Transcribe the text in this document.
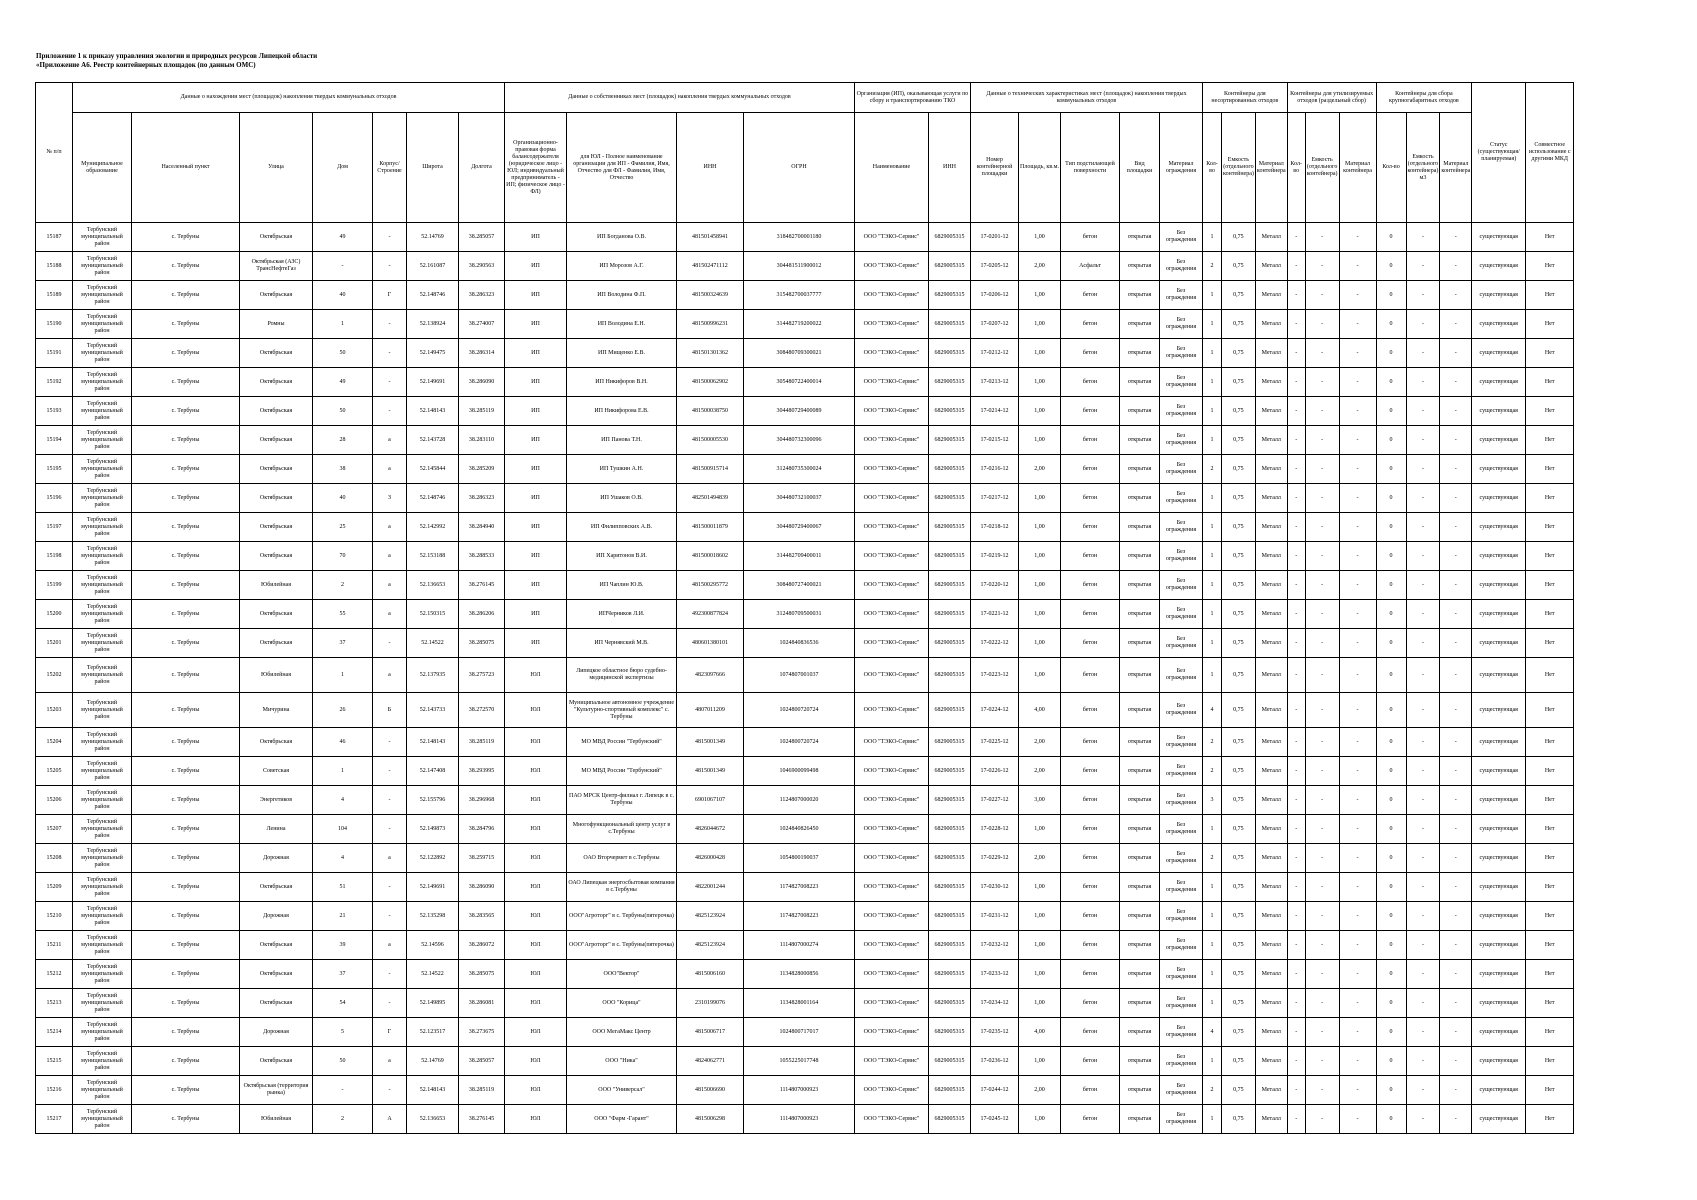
Приложение 1 к приказу управления экологии и природных ресурсов Липецкой области
«Приложение А6. Реестр контейнерных площадок (по данным ОМС)
№ п/п	Данные о нахождении мест (площадок) накопления твердых коммунальных отходов							Данные о собственниках мест (площадок) накопления твердых коммунальных отходов				Организация (ИП), оказывающая услуги по сбору и транспортированию ТКО		Данные о технических характеристиках мест (площадок) накопления твердых коммунальных отходов					Контейнеры для несортированных отходов			Контейнеры для утилизируемых отходов (раздельный сбор)			Контейнеры для сбора крупногабаритных отходов			Статус (существующая/ планируемая)	Совместное использование с другими МКД
	Муниципальное образование	Населенный пункт	Улица	Дом	Корпус/Строение	Широта	Долгота	Организационно-правовая форма балансодержателя (юридическое лицо - ЮЛ; индивидуальный предприниматель - ИП; физическое лицо - ФЛ)	для ЮЛ - Полное наименование организации для ИП - Фамилия, Имя, Отчество для ФЛ - Фамилия, Имя, Отчество	ИНН	ОГРН	Наименование	ИНН	Номер контейнерной площадки	Площадь, кв.м.	Тип подстилающей поверхности	Вид площадки	Материал ограждения	Кол-во	Емкость (отдельного контейнера)	Материал контейнера	Кол-во	Емкость (отдельного контейнера)	Материал контейнера	Кол-во	Емкость (отдельного контейнера) м3	Материал контейнера		
15187	Тербунский муниципальный район	с. Тербуны	Октябрьская	49	-	52.14769	38.285057	ИП	ИП Богданова О.В.	481501458941	318482700001180	ООО "ТЭКО-Сервис"	6829005315	17-0201-12	1,00	бетон	открытая	Без ограждения	1	0,75	Металл	-	-	-	0	-	-	существующая	Нет
15188	Тербунский муниципальный район	с. Тербуны	Октябрьская (АЗС) ТрансНефтеГаз	-	-	52.161087	38.290563	ИП	ИП Морозов А.Г.	481502471112	304481511900012	ООО "ТЭКО-Сервис"	6829005315	17-0205-12	2,00	Асфальт	открытая	Без ограждения	2	0,75	Металл	-	-	-	0	-	-	существующая	Нет
15189	Тербунский муниципальный район	с. Тербуны	Октябрьская	40	Г	52.148746	38.286323	ИП	ИП Володина Ф.П.	481500324639	315482700037777	ООО "ТЭКО-Сервис"	6829005315	17-0206-12	1,00	бетон	открытая	Без ограждения	1	0,75	Металл	-	-	-	0	-	-	существующая	Нет
15190	Тербунский муниципальный район	с. Тербуны	Ромны	1	-	52.138924	38.274007	ИП	ИП Володина Е.Н.	481500996231	314482719200022	ООО "ТЭКО-Сервис"	6829005315	17-0207-12	1,00	бетон	открытая	Без ограждения	1	0,75	Металл	-	-	-	0	-	-	существующая	Нет
15191	Тербунский муниципальный район	с. Тербуны	Октябрьская	50	-	52.149475	38.286314	ИП	ИП Мищенко Е.В.	481501301362	308480709300021	ООО "ТЭКО-Сервис"	6829005315	17-0212-12	1,00	бетон	открытая	Без ограждения	1	0,75	Металл	-	-	-	0	-	-	существующая	Нет
15192	Тербунский муниципальный район	с. Тербуны	Октябрьская	49	-	52.149691	38.286090	ИП	ИП Никифоров В.Н.	481500062902	305480722400014	ООО "ТЭКО-Сервис"	6829005315	17-0213-12	1,00	бетон	открытая	Без ограждения	1	0,75	Металл	-	-	-	0	-	-	существующая	Нет
15193	Тербунский муниципальный район	с. Тербуны	Октябрьская	50	-	52.148143	38.285119	ИП	ИП Никифорова Е.В.	481500038750	304480729400089	ООО "ТЭКО-Сервис"	6829005315	17-0214-12	1,00	бетон	открытая	Без ограждения	1	0,75	Металл	-	-	-	0	-	-	существующая	Нет
15194	Тербунский муниципальный район	с. Тербуны	Октябрьская	28	а	52.143728	38.283110	ИП	ИП Панова Т.Н.	481500005530	304480732300096	ООО "ТЭКО-Сервис"	6829005315	17-0215-12	1,00	бетон	открытая	Без ограждения	1	0,75	Металл	-	-	-	0	-	-	существующая	Нет
15195	Тербунский муниципальный район	с. Тербуны	Октябрьская	38	а	52.145844	38.285209	ИП	ИП Тушкин А.Н.	481500915714	312480735300024	ООО "ТЭКО-Сервис"	6829005315	17-0216-12	2,00	бетон	открытая	Без ограждения	2	0,75	Металл	-	-	-	0	-	-	существующая	Нет
15196	Тербунский муниципальный район	с. Тербуны	Октябрьская	40	З	52.148746	38.286323	ИП	ИП Ушаков О.В.	482501494839	304480732100037	ООО "ТЭКО-Сервис"	6829005315	17-0217-12	1,00	бетон	открытая	Без ограждения	1	0,75	Металл	-	-	-	0	-	-	существующая	Нет
15197	Тербунский муниципальный район	с. Тербуны	Октябрьская	25	а	52.142992	38.284940	ИП	ИП Филипповских А.В.	481500011879	304480729400067	ООО "ТЭКО-Сервис"	6829005315	17-0218-12	1,00	бетон	открытая	Без ограждения	1	0,75	Металл	-	-	-	0	-	-	существующая	Нет
15198	Тербунский муниципальный район	с. Тербуны	Октябрьская	70	а	52.153188	38.288533	ИП	ИП Харитонов В.И.	481500018602	314482709400011	ООО "ТЭКО-Сервис"	6829005315	17-0219-12	1,00	бетон	открытая	Без ограждения	1	0,75	Металл	-	-	-	0	-	-	существующая	Нет
15199	Тербунский муниципальный район	с. Тербуны	Юбилейная	2	а	52.136653	38.276145	ИП	ИП Чаплин Ю.В.	481500295772	308480727400021	ООО "ТЭКО-Сервис"	6829005315	17-0220-12	1,00	бетон	открытая	Без ограждения	1	0,75	Металл	-	-	-	0	-	-	существующая	Нет
15200	Тербунский муниципальный район	с. Тербуны	Октябрьская	55	а	52.150315	38.286206	ИП	ИПЧерников Л.И.	492300877824	312480709500031	ООО "ТЭКО-Сервис"	6829005315	17-0221-12	1,00	бетон	открытая	Без ограждения	1	0,75	Металл	-	-	-	0	-	-	существующая	Нет
15201	Тербунский муниципальный район	с. Тербуны	Октябрьская	37	-	52.14522	38.285075	ИП	ИП Чернявский М.В.	480601380101	1024840836536	ООО "ТЭКО-Сервис"	6829005315	17-0222-12	1,00	бетон	открытая	Без ограждения	1	0,75	Металл	-	-	-	0	-	-	существующая	Нет
15202	Тербунский муниципальный район	с. Тербуны	Юбилейная	1	а	52.137935	38.275723	ЮЛ	Липецкое областное бюро судебно-медицинской экспертизы	4823097666	1074807001037	ООО "ТЭКО-Сервис"	6829005315	17-0223-12	1,00	бетон	открытая	Без ограждения	1	0,75	Металл	-	-	-	0	-	-	существующая	Нет
15203	Тербунский муниципальный район	с. Тербуны	Мичурина	26	Б	52.143733	38.272570	ЮЛ	Муниципальное автономное учреждение "Культурно-спортивный комплекс" с. Тербуны	4807011209	1024800720724	ООО "ТЭКО-Сервис"	6829005315	17-0224-12	4,00	бетон	открытая	Без ограждения	4	0,75	Металл	-	-	-	0	-	-	существующая	Нет
15204	Тербунский муниципальный район	с. Тербуны	Октябрьская	46	-	52.148143	38.285119	ЮЛ	МО МВД России "Тербунский"	4815001349	1024800720724	ООО "ТЭКО-Сервис"	6829005315	17-0225-12	2,00	бетон	открытая	Без ограждения	2	0,75	Металл	-	-	-	0	-	-	существующая	Нет
15205	Тербунский муниципальный район	с. Тербуны	Советская	1	-	52.147408	38.293995	ЮЛ	МО МВД России "Тербунский"	4815001349	1046900099498	ООО "ТЭКО-Сервис"	6829005315	17-0226-12	2,00	бетон	открытая	Без ограждения	2	0,75	Металл	-	-	-	0	-	-	существующая	Нет
15206	Тербунский муниципальный район	с. Тербуны	Энергетиков	4	-	52.155796	38.296968	ЮЛ	ПАО МРСК Центр-филиал г. Липецк в с. Тербуны	6901067107	1124807000020	ООО "ТЭКО-Сервис"	6829005315	17-0227-12	3,00	бетон	открытая	Без ограждения	3	0,75	Металл	-	-	-	0	-	-	существующая	Нет
15207	Тербунский муниципальный район	с. Тербуны	Ленина	104	-	52.149873	38.284796	ЮЛ	Многофункциональный центр услуг в с.Тербуны	4826044672	1024840826450	ООО "ТЭКО-Сервис"	6829005315	17-0228-12	1,00	бетон	открытая	Без ограждения	1	0,75	Металл	-	-	-	0	-	-	существующая	Нет
15208	Тербунский муниципальный район	с. Тербуны	Дорожная	4	а	52.122892	38.259715	ЮЛ	ОАО Вторчермет в с.Тербуны	4826000428	1054800190037	ООО "ТЭКО-Сервис"	6829005315	17-0229-12	2,00	бетон	открытая	Без ограждения	2	0,75	Металл	-	-	-	0	-	-	существующая	Нет
15209	Тербунский муниципальный район	с. Тербуны	Октябрьская	51	-	52.149691	38.286090	ЮЛ	ОАО Липецкая энергосбытовая компания в с.Тербуны	4822001244	1174827008223	ООО "ТЭКО-Сервис"	6829005315	17-0230-12	1,00	бетон	открытая	Без ограждения	1	0,75	Металл	-	-	-	0	-	-	существующая	Нет
15210	Тербунский муниципальный район	с. Тербуны	Дорожная	21	-	52.135298	38.283565	ЮЛ	ООО"Агроторг" в с. Тербуны(пятерочка)	4825123924	1174827008223	ООО "ТЭКО-Сервис"	6829005315	17-0231-12	1,00	бетон	открытая	Без ограждения	1	0,75	Металл	-	-	-	0	-	-	существующая	Нет
15211	Тербунский муниципальный район	с. Тербуны	Октябрьская	39	а	52.14596	38.286072	ЮЛ	ООО"Агроторг" в с. Тербуны(пятерочка)	4825123924	1114807000274	ООО "ТЭКО-Сервис"	6829005315	17-0232-12	1,00	бетон	открытая	Без ограждения	1	0,75	Металл	-	-	-	0	-	-	существующая	Нет
15212	Тербунский муниципальный район	с. Тербуны	Октябрьская	37	-	52.14522	38.285075	ЮЛ	ООО"Вектор"	4815006160	1134828000856	ООО "ТЭКО-Сервис"	6829005315	17-0233-12	1,00	бетон	открытая	Без ограждения	1	0,75	Металл	-	-	-	0	-	-	существующая	Нет
15213	Тербунский муниципальный район	с. Тербуны	Октябрьская	54	-	52.149895	38.286081	ЮЛ	ООО "Корица"	2310199076	1134828001164	ООО "ТЭКО-Сервис"	6829005315	17-0234-12	1,00	бетон	открытая	Без ограждения	1	0,75	Металл	-	-	-	0	-	-	существующая	Нет
15214	Тербунский муниципальный район	с. Тербуны	Дорожная	5	Г	52.123517	38.273675	ЮЛ	ООО МегаМакс Центр	4815006717	1024800717017	ООО "ТЭКО-Сервис"	6829005315	17-0235-12	4,00	бетон	открытая	Без ограждения	4	0,75	Металл	-	-	-	0	-	-	существующая	Нет
15215	Тербунский муниципальный район	с. Тербуны	Октябрьская	50	а	52.14769	38.285057	ЮЛ	ООО "Ника"	4824062771	1055225017748	ООО "ТЭКО-Сервис"	6829005315	17-0236-12	1,00	бетон	открытая	Без ограждения	1	0,75	Металл	-	-	-	0	-	-	существующая	Нет
15216	Тербунский муниципальный район	с. Тербуны	Октябрьская (территория рынка)	-	-	52.148143	38.285119	ЮЛ	ООО "Универсал"	4815006690	1114807000923	ООО "ТЭКО-Сервис"	6829005315	17-0244-12	2,00	бетон	открытая	Без ограждения	2	0,75	Металл	-	-	-	0	-	-	существующая	Нет
15217	Тербунский муниципальный район	с. Тербуны	Юбилейная	2	А	52.136653	38.276145	ЮЛ	ООО "Фарм -Гарант"	4815006298	1114807000923	ООО "ТЭКО-Сервис"	6829005315	17-0245-12	1,00	бетон	открытая	Без ограждения	1	0,75	Металл	-	-	-	0	-	-	существующая	Нет
